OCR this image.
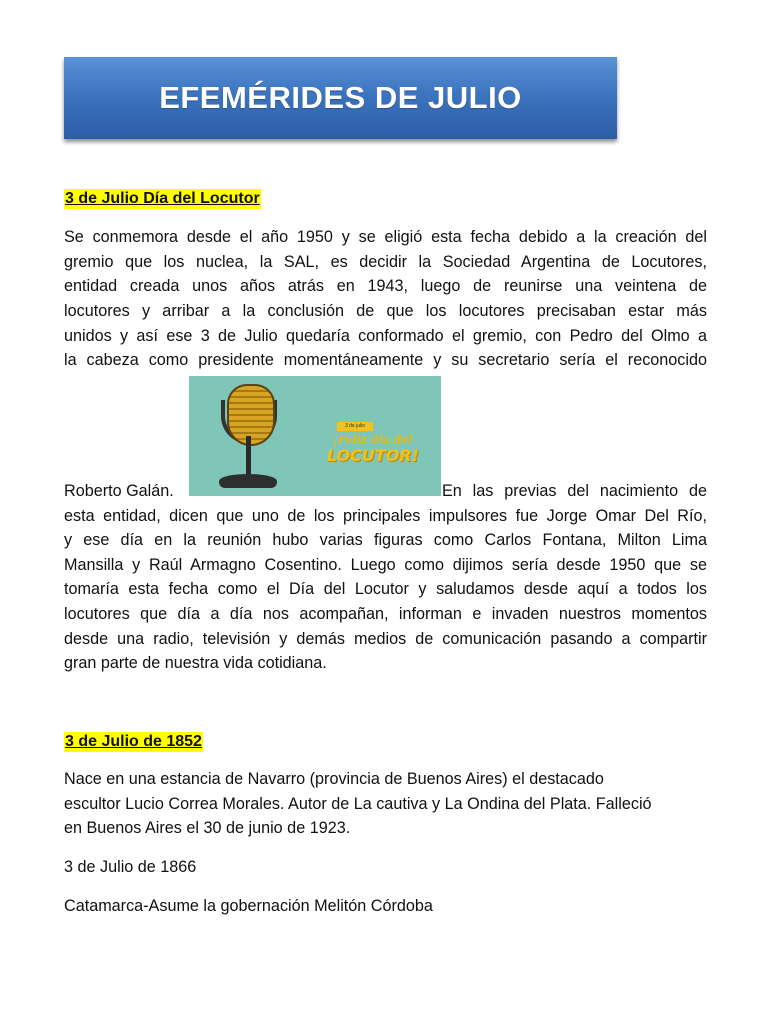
EFEMÉRIDES DE JULIO
3 de Julio Día del Locutor
Se conmemora desde el año 1950 y se eligió esta fecha debido a la creación del
gremio que los nuclea, la SAL, es decidir la Sociedad Argentina de Locutores,
entidad creada unos años atrás en 1943, luego de reunirse una veintena de
locutores y arribar a la conclusión de que los locutores precisaban estar más
unidos y así ese 3 de Julio quedaría conformado el gremio, con Pedro del Olmo a
la cabeza como presidente momentáneamente y su secretario sería el reconocido
3 de julio
¡Feliz día del
LOCUTOR!
Roberto Galán.	En las previas del nacimiento de
esta entidad, dicen que uno de los principales impulsores fue Jorge Omar Del Río,
y ese día en la reunión hubo varias figuras como Carlos Fontana, Milton Lima
Mansilla y Raúl Armagno Cosentino. Luego como dijimos sería desde 1950 que se
tomaría esta fecha como el Día del Locutor y saludamos desde aquí a todos los
locutores que día a día nos acompañan, informan e invaden nuestros momentos
desde una radio, televisión y demás medios de comunicación pasando a compartir
gran parte de nuestra vida cotidiana.
3 de Julio de 1852
Nace en una estancia de Navarro (provincia de Buenos Aires) el destacado
escultor Lucio Correa Morales. Autor de La cautiva y La Ondina del Plata. Falleció
en Buenos Aires el 30 de junio de 1923.
3 de Julio de 1866
Catamarca-Asume la gobernación Melitón Córdoba
